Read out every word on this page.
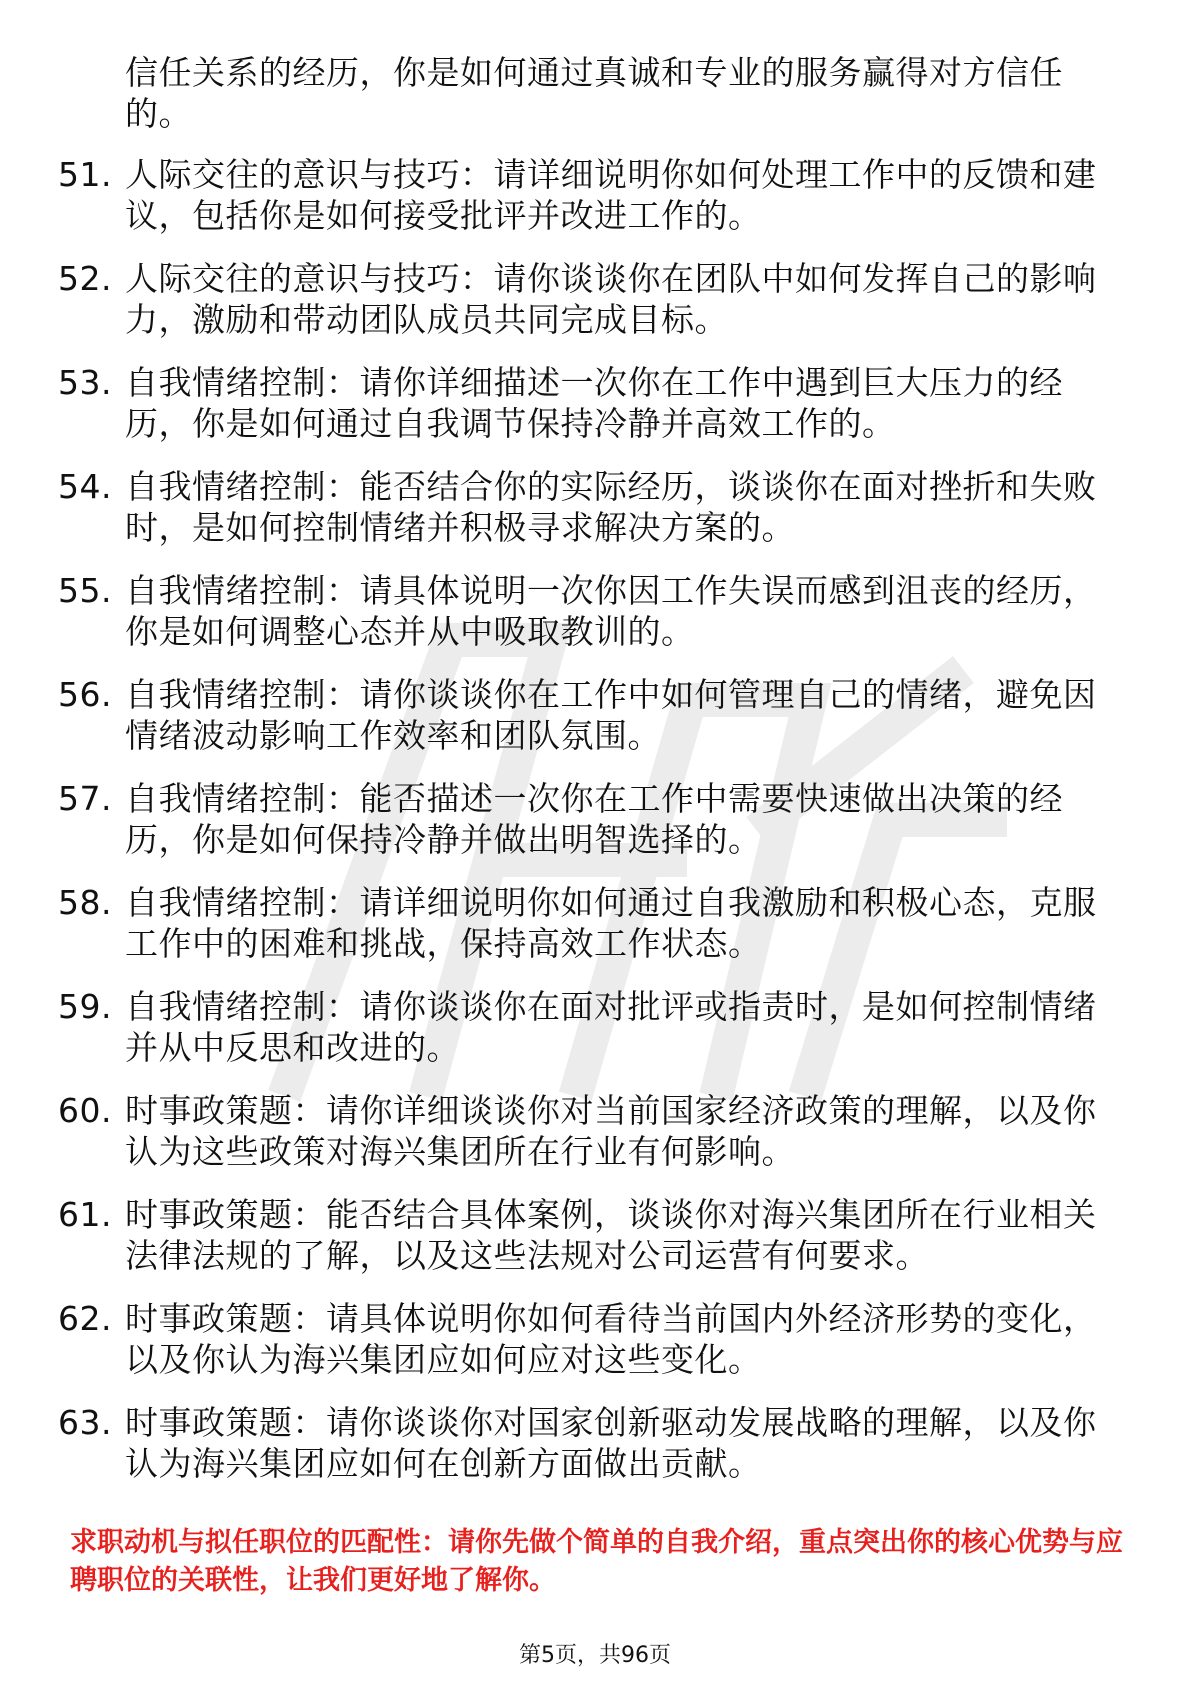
信任关系的经历，你是如何通过真诚和专业的服务赢得对方信任的。
51. 人际交往的意识与技巧：请详细说明你如何处理工作中的反馈和建议，包括你是如何接受批评并改进工作的。
52. 人际交往的意识与技巧：请你谈谈你在团队中如何发挥自己的影响力，激励和带动团队成员共同完成目标。
53. 自我情绪控制：请你详细描述一次你在工作中遇到巨大压力的经历，你是如何通过自我调节保持冷静并高效工作的。
54. 自我情绪控制：能否结合你的实际经历，谈谈你在面对挫折和失败时，是如何控制情绪并积极寻求解决方案的。
55. 自我情绪控制：请具体说明一次你因工作失误而感到沮丧的经历，你是如何调整心态并从中吸取教训的。
56. 自我情绪控制：请你谈谈你在工作中如何管理自己的情绪，避免因情绪波动影响工作效率和团队氛围。
57. 自我情绪控制：能否描述一次你在工作中需要快速做出决策的经历，你是如何保持冷静并做出明智选择的。
58. 自我情绪控制：请详细说明你如何通过自我激励和积极心态，克服工作中的困难和挑战，保持高效工作状态。
59. 自我情绪控制：请你谈谈你在面对批评或指责时，是如何控制情绪并从中反思和改进的。
60. 时事政策题：请你详细谈谈你对当前国家经济政策的理解，以及你认为这些政策对海兴集团所在行业有何影响。
61. 时事政策题：能否结合具体案例，谈谈你对海兴集团所在行业相关法律法规的了解，以及这些法规对公司运营有何要求。
62. 时事政策题：请具体说明你如何看待当前国内外经济形势的变化，以及你认为海兴集团应如何应对这些变化。
63. 时事政策题：请你谈谈你对国家创新驱动发展战略的理解，以及你认为海兴集团应如何在创新方面做出贡献。
求职动机与拟任职位的匹配性：请你先做个简单的自我介绍，重点突出你的核心优势与应聘职位的关联性，让我们更好地了解你。
第5页，共96页
